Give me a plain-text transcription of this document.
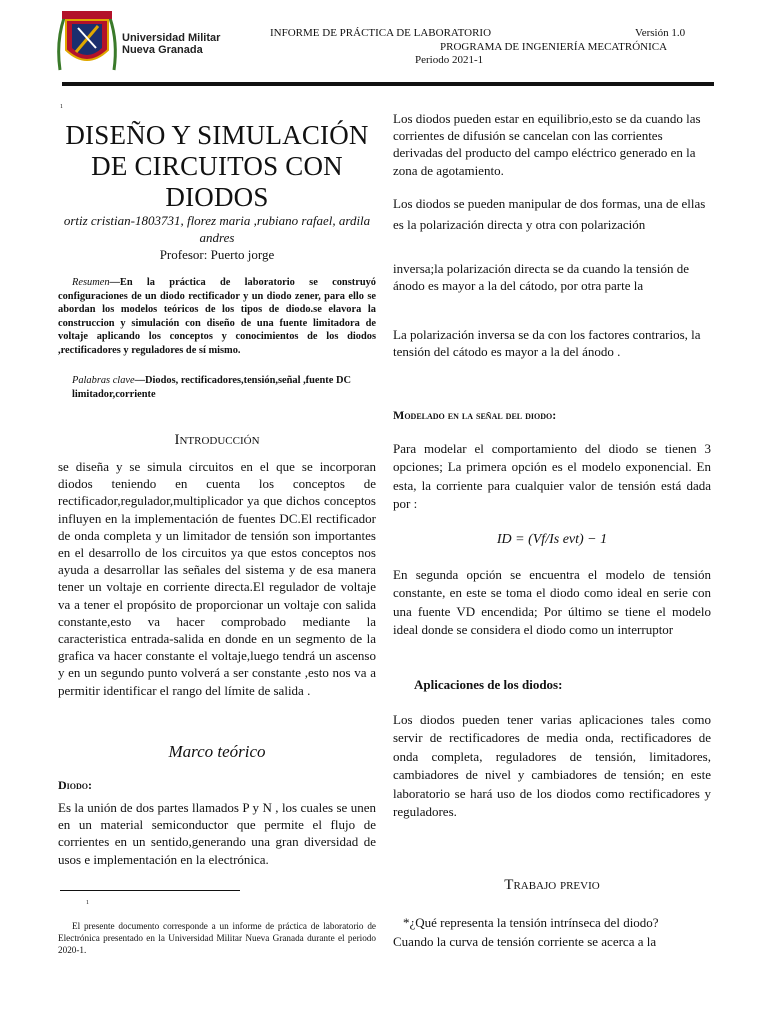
Universidad Militar
Nueva Granada
INFORME DE PRÁCTICA DE LABORATORIO	Versión 1.0
PROGRAMA DE INGENIERÍA MECATRÓNICA
Periodo 2021-1
1
DISEÑO Y SIMULACIÓN DE CIRCUITOS CON DIODOS
ortiz cristian-1803731, florez maria ,rubiano rafael, ardila andres
Profesor: Puerto jorge
Resumen—En la práctica de laboratorio se construyó configuraciones de un diodo rectificador y un diodo zener, para ello se abordan los modelos teóricos de los tipos de diodo.se elavora la construccion y simulación con diseño de una fuente limitadora de voltaje aplicando los conceptos y conocimientos de los diodos ,rectificadores y reguladores de sí mismo.
Palabras clave—Diodos, rectificadores,tensión,señal ,fuente DC limitador,corriente
Introducción
se diseña y se simula circuitos en el que se incorporan diodos teniendo en cuenta los conceptos de rectificador,regulador,multiplicador ya que dichos conceptos influyen en la implementación de fuentes DC.El rectificador de onda completa y un limitador de tensión son importantes en el desarrollo de los circuitos ya que estos conceptos nos ayuda a desarrollar las señales del sistema y de esa manera tener un voltaje en corriente directa.El regulador de voltaje va a tener el propósito de proporcionar un voltaje con salida constante,esto va hacer comprobado mediante la caracteristica entrada-salida en donde en un segmento de la grafica va hacer constante el voltaje,luego tendrá un ascenso y en un segundo punto volverá a ser constante ,esto nos va a permitir identificar el rango del límite de salida .
Marco teórico
Diodo:
Es la unión de dos partes llamados P y N , los cuales se unen en un material semiconductor que permite el flujo de corrientes en un sentido,generando una gran diversidad de usos e implementación en la electrónica.
1
El presente documento corresponde a un informe de práctica de laboratorio de Electrónica presentado en la Universidad Militar Nueva Granada durante el periodo 2020-1.
Los diodos pueden estar en equilibrio,esto se da cuando las corrientes de difusión se cancelan con las corrientes derivadas del producto del campo eléctrico generado en la zona de agotamiento.
Los diodos se pueden manipular de dos formas, una de ellas es la polarización directa y otra con polarización
inversa;la polarización directa se da cuando la tensión de ánodo es mayor a la del cátodo, por otra parte la
La polarización inversa se da con los factores contrarios, la tensión del cátodo es mayor a la del ánodo .
Modelado en la señal del diodo:
Para modelar el comportamiento del diodo se tienen 3 opciones; La primera opción es el modelo exponencial. En esta, la corriente para cualquier valor de tensión está dada por :
ID = (Vf/Is evt) − 1
En segunda opción se encuentra el modelo de tensión constante, en este se toma el diodo como ideal en serie con una fuente VD encendida; Por último se tiene el modelo ideal donde se considera el diodo como un interruptor
Aplicaciones de los diodos:
Los diodos pueden tener varias aplicaciones tales como servir de rectificadores de media onda, rectificadores de onda completa, reguladores de tensión, limitadores, cambiadores de nivel y cambiadores de tensión; en este laboratorio se hará uso de los diodos como rectificadores y reguladores.
Trabajo previo
*¿Qué representa la tensión intrínseca del diodo?
Cuando la curva de tensión corriente se acerca a la
